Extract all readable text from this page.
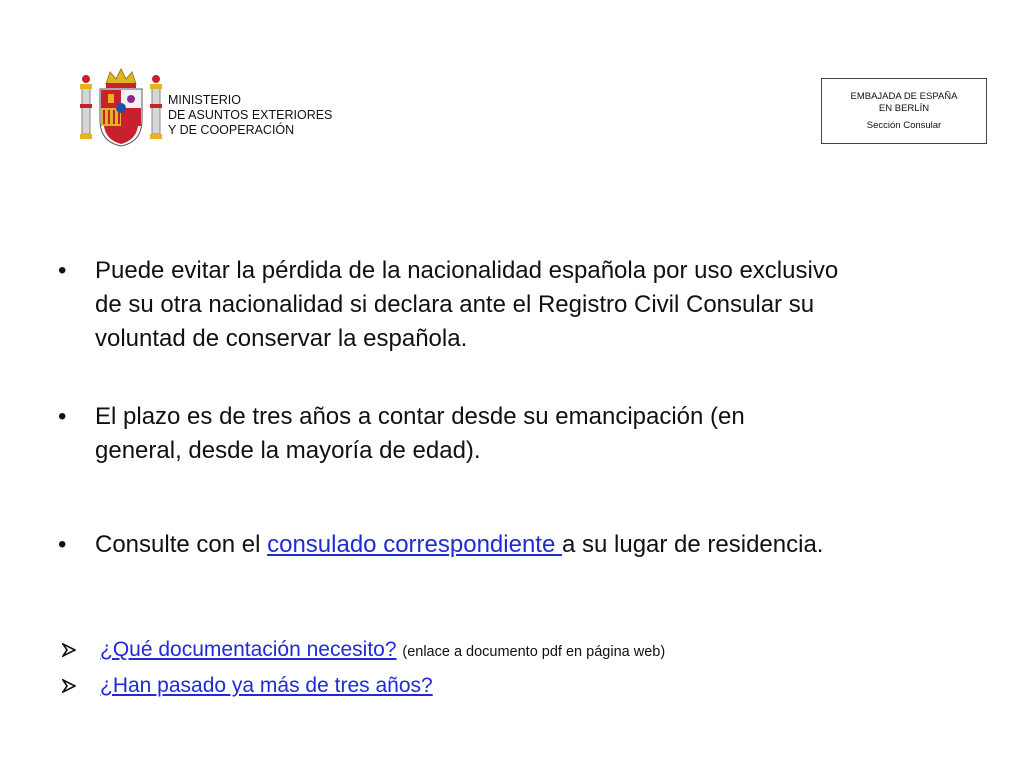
MINISTERIO
DE ASUNTOS EXTERIORES
Y DE COOPERACIÓN
EMBAJADA DE ESPAÑA
EN BERLÍN
Sección Consular
• Puede evitar la pérdida de la nacionalidad española por uso exclusivo
de su otra nacionalidad si declara ante el Registro Civil Consular su
voluntad de conservar la española.
• El plazo es de tres años a contar desde su emancipación (en
general, desde la mayoría de edad).
• Consulte con el consulado correspondiente a su lugar de residencia.
¿Qué documentación necesito? (enlace a documento pdf en página web)
¿Han pasado ya más de tres años?
